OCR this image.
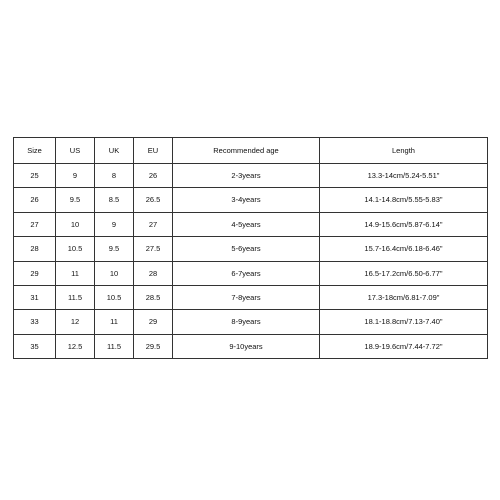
Size	US	UK	EU	Recommended age	Length
25	9	8	26	2-3years	13.3-14cm/5.24-5.51"
26	9.5	8.5	26.5	3-4years	14.1-14.8cm/5.55-5.83"
27	10	9	27	4-5years	14.9-15.6cm/5.87-6.14"
28	10.5	9.5	27.5	5-6years	15.7-16.4cm/6.18-6.46"
29	11	10	28	6-7years	16.5-17.2cm/6.50-6.77"
31	11.5	10.5	28.5	7-8years	17.3-18cm/6.81-7.09"
33	12	11	29	8-9years	18.1-18.8cm/7.13-7.40"
35	12.5	11.5	29.5	9-10years	18.9-19.6cm/7.44-7.72"
